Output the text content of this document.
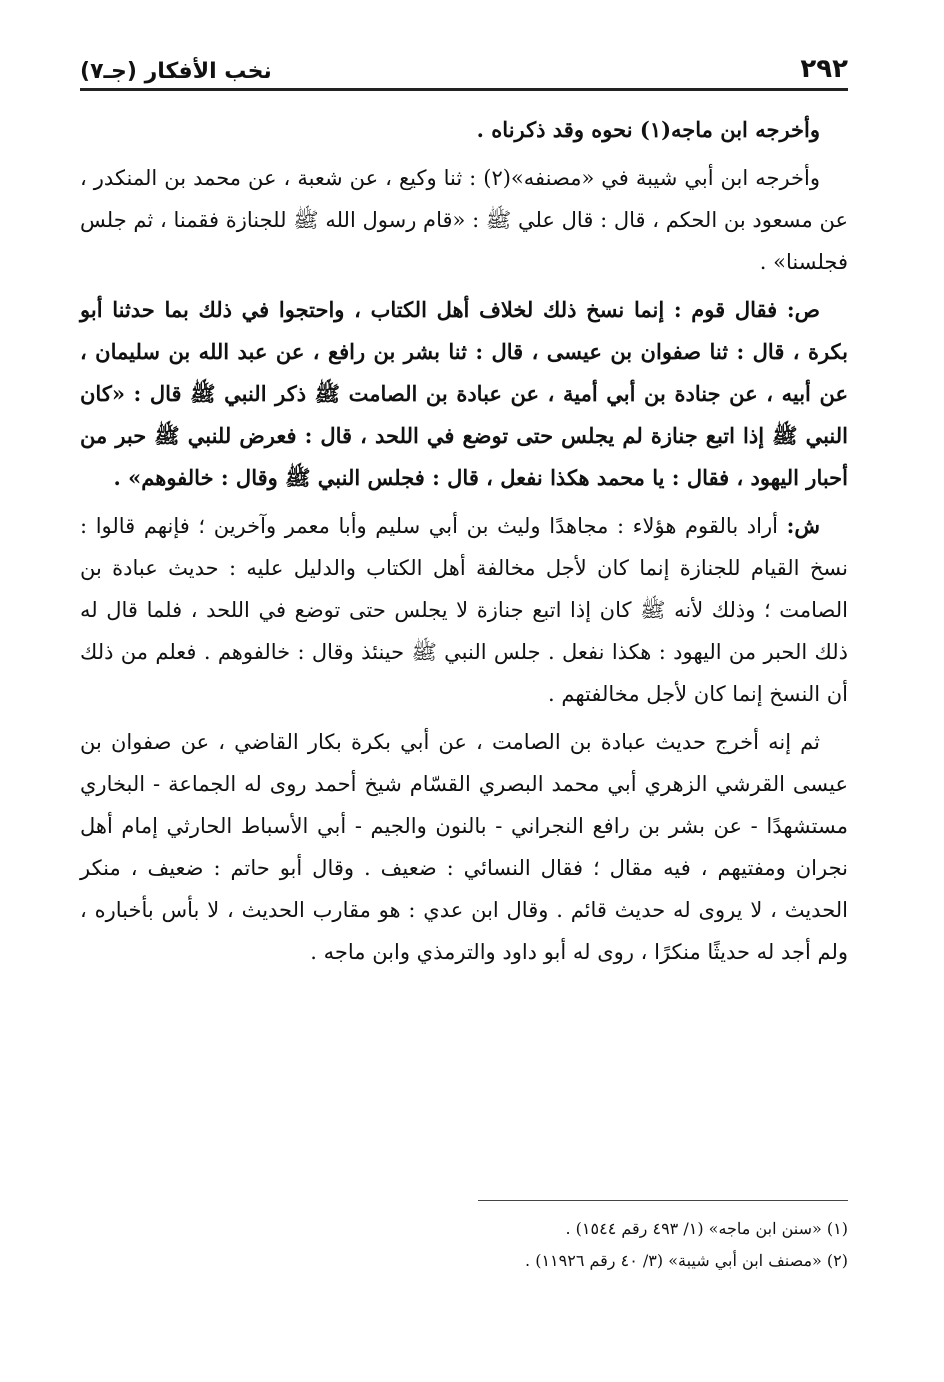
٢٩٢
نخب الأفكار (جـ٧)

وأخرجه ابن ماجه(١) نحوه وقد ذكرناه .

وأخرجه ابن أبي شيبة في «مصنفه»(٢) : ثنا وكيع ، عن شعبة ، عن محمد بن المنكدر ، عن مسعود بن الحكم ، قال : قال علي ﷺ : «قام رسول الله ﷺ للجنازة فقمنا ، ثم جلس فجلسنا» .

ص: فقال قوم : إنما نسخ ذلك لخلاف أهل الكتاب ، واحتجوا في ذلك بما حدثنا أبو بكرة ، قال : ثنا صفوان بن عيسى ، قال : ثنا بشر بن رافع ، عن عبد الله بن سليمان ، عن أبيه ، عن جنادة بن أبي أمية ، عن عبادة بن الصامت ﷺ ذكر النبي ﷺ قال : «كان النبي ﷺ إذا اتبع جنازة لم يجلس حتى توضع في اللحد ، قال : فعرض للنبي ﷺ حبر من أحبار اليهود ، فقال : يا محمد هكذا نفعل ، قال : فجلس النبي ﷺ وقال : خالفوهم» .

ش: أراد بالقوم هؤلاء : مجاهدًا وليث بن أبي سليم وأبا معمر وآخرين ؛ فإنهم قالوا : نسخ القيام للجنازة إنما كان لأجل مخالفة أهل الكتاب والدليل عليه : حديث عبادة بن الصامت ؛ وذلك لأنه ﷺ كان إذا اتبع جنازة لا يجلس حتى توضع في اللحد ، فلما قال له ذلك الحبر من اليهود : هكذا نفعل . جلس النبي ﷺ حينئذ وقال : خالفوهم . فعلم من ذلك أن النسخ إنما كان لأجل مخالفتهم .

ثم إنه أخرج حديث عبادة بن الصامت ، عن أبي بكرة بكار القاضي ، عن صفوان بن عيسى القرشي الزهري أبي محمد البصري القسّام شيخ أحمد روى له الجماعة - البخاري مستشهدًا - عن بشر بن رافع النجراني - بالنون والجيم - أبي الأسباط الحارثي إمام أهل نجران ومفتيهم ، فيه مقال ؛ فقال النسائي : ضعيف . وقال أبو حاتم : ضعيف ، منكر الحديث ، لا يروى له حديث قائم . وقال ابن عدي : هو مقارب الحديث ، لا بأس بأخباره ، ولم أجد له حديثًا منكرًا ، روى له أبو داود والترمذي وابن ماجه .

(١) «سنن ابن ماجه» (١/ ٤٩٣ رقم ١٥٤٤) .

(٢) «مصنف ابن أبي شيبة» (٣/ ٤٠ رقم ١١٩٢٦) .
